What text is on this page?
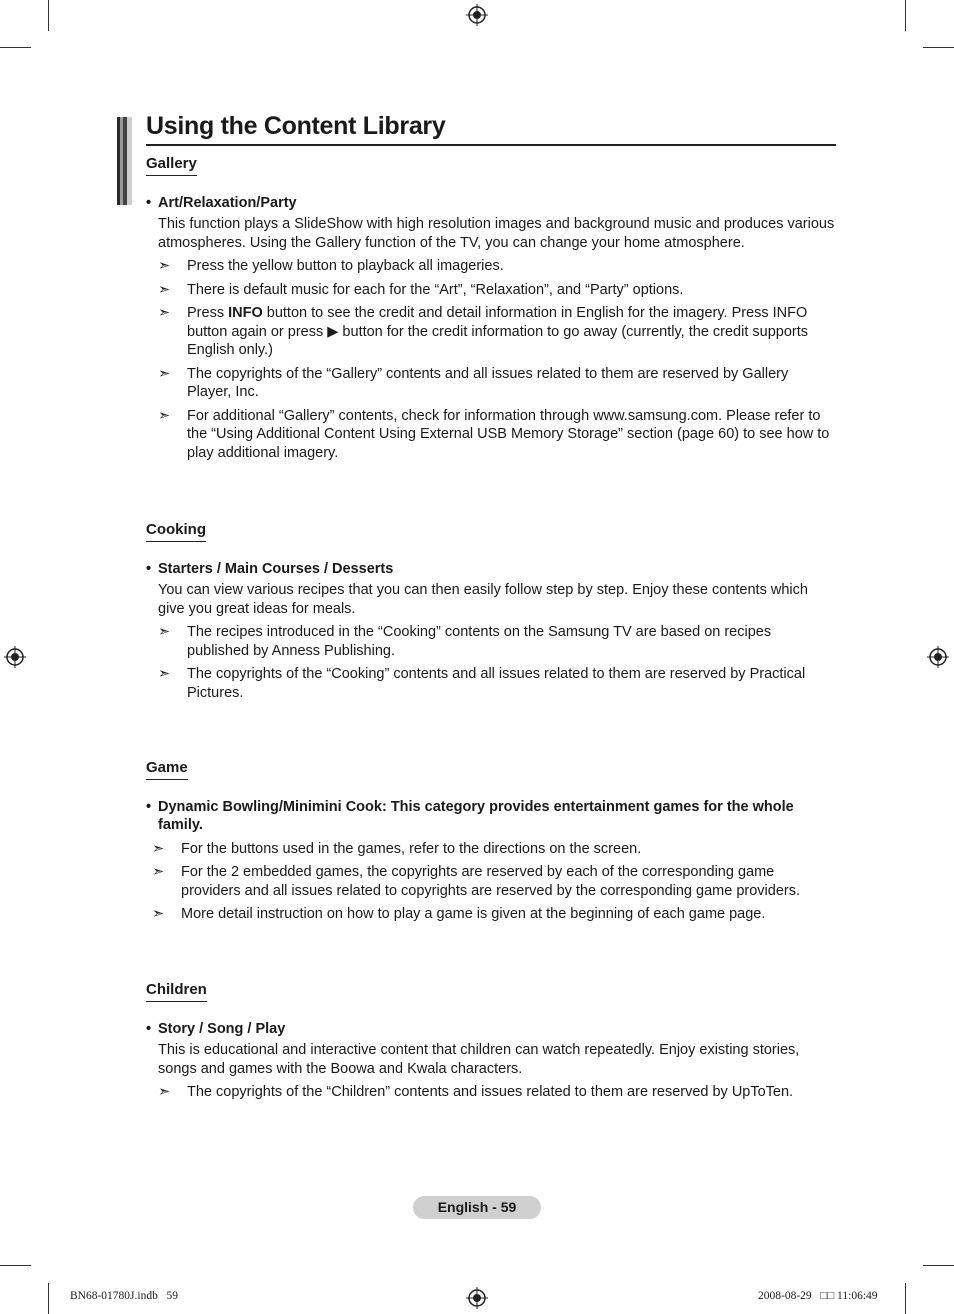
Using the Content Library
Gallery
• Art/Relaxation/Party
This function plays a SlideShow with high resolution images and background music and produces various atmospheres. Using the Gallery function of the TV, you can change your home atmosphere.
➣ Press the yellow button to playback all imageries.
➣ There is default music for each for the “Art”, “Relaxation”, and “Party” options.
➣ Press INFO button to see the credit and detail information in English for the imagery. Press INFO button again or press ▶ button for the credit information to go away (currently, the credit supports English only.)
➣ The copyrights of the “Gallery” contents and all issues related to them are reserved by Gallery Player, Inc.
➣ For additional “Gallery” contents, check for information through www.samsung.com. Please refer to the “Using Additional Content Using External USB Memory Storage” section (page 60) to see how to play additional imagery.
Cooking
• Starters / Main Courses / Desserts
You can view various recipes that you can then easily follow step by step. Enjoy these contents which give you great ideas for meals.
➣ The recipes introduced in the “Cooking” contents on the Samsung TV are based on recipes published by Anness Publishing.
➣ The copyrights of the “Cooking” contents and all issues related to them are reserved by Practical Pictures.
Game
• Dynamic Bowling/Minimini Cook: This category provides entertainment games for the whole family.
➣ For the buttons used in the games, refer to the directions on the screen.
➣ For the 2 embedded games, the copyrights are reserved by each of the corresponding game providers and all issues related to copyrights are reserved by the corresponding game providers.
➣ More detail instruction on how to play a game is given at the beginning of each game page.
Children
• Story / Song / Play
This is educational and interactive content that children can watch repeatedly. Enjoy existing stories, songs and games with the Boowa and Kwala characters.
➣ The copyrights of the “Children” contents and issues related to them are reserved by UpToTen.
English - 59
BN68-01780J.indb   59	2008-08-29   □□ 11:06:49
